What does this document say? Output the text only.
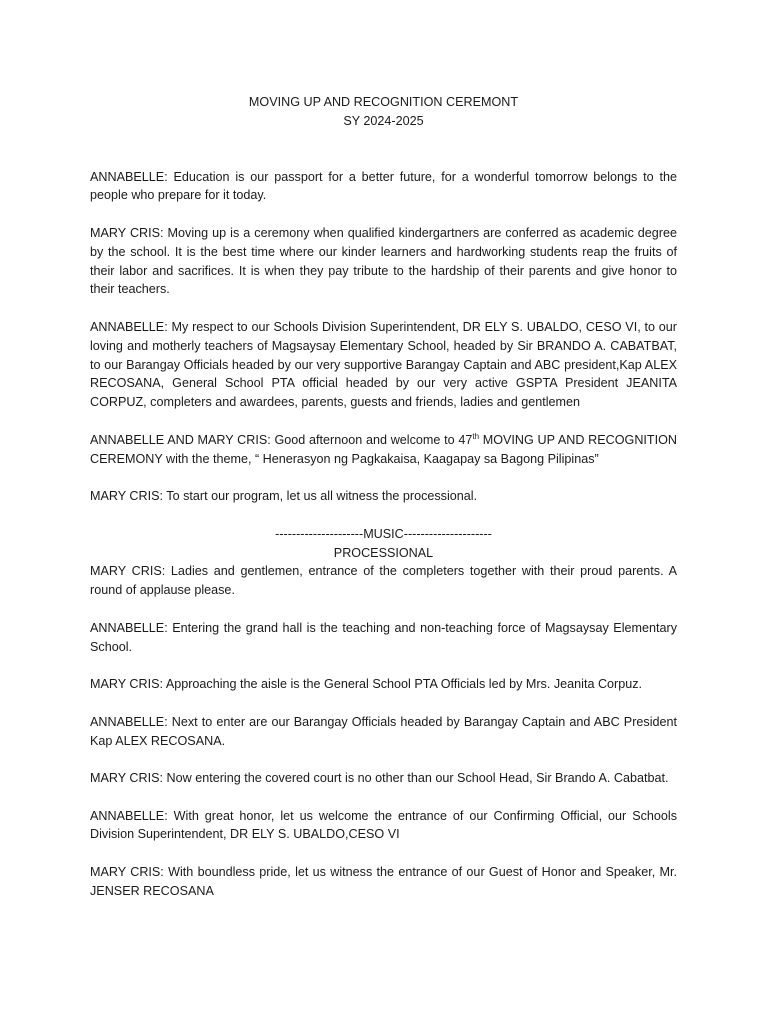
MOVING UP AND RECOGNITION CEREMONT
SY 2024-2025

ANNABELLE: Education is our passport for a better future, for a wonderful tomorrow belongs to the people who prepare for it today.

MARY CRIS: Moving up is a ceremony when qualified kindergartners are conferred as academic degree by the school. It is the best time where our kinder learners and hardworking students reap the fruits of their labor and sacrifices. It is when they pay tribute to the hardship of their parents and give honor to their teachers.

ANNABELLE: My respect to our Schools Division Superintendent, DR ELY S. UBALDO, CESO VI, to our loving and motherly teachers of Magsaysay Elementary School, headed by Sir BRANDO A. CABATBAT, to our Barangay Officials headed by our very supportive Barangay Captain and ABC president,Kap ALEX RECOSANA, General School PTA official headed by our very active GSPTA President JEANITA CORPUZ, completers and awardees, parents, guests and friends, ladies and gentlemen

ANNABELLE AND MARY CRIS: Good afternoon and welcome to 47th MOVING UP AND RECOGNITION CEREMONY with the theme, “ Henerasyon ng Pagkakaisa, Kaagapay sa Bagong Pilipinas”

MARY CRIS: To start our program, let us all witness the processional.

---------------------MUSIC---------------------
PROCESSIONAL

MARY CRIS: Ladies and gentlemen, entrance of the completers together with their proud parents. A round of applause please.

ANNABELLE: Entering the grand hall is the teaching and non-teaching force of Magsaysay Elementary School.

MARY CRIS: Approaching the aisle is the General School PTA Officials led by Mrs. Jeanita Corpuz.

ANNABELLE: Next to enter are our Barangay Officials headed by Barangay Captain and ABC President Kap ALEX RECOSANA.

MARY CRIS: Now entering the covered court is no other than our School Head, Sir Brando A. Cabatbat.

ANNABELLE: With great honor, let us welcome the entrance of our Confirming Official, our Schools Division Superintendent, DR ELY S. UBALDO,CESO VI

MARY CRIS: With boundless pride, let us witness the entrance of our Guest of Honor and Speaker, Mr. JENSER RECOSANA
